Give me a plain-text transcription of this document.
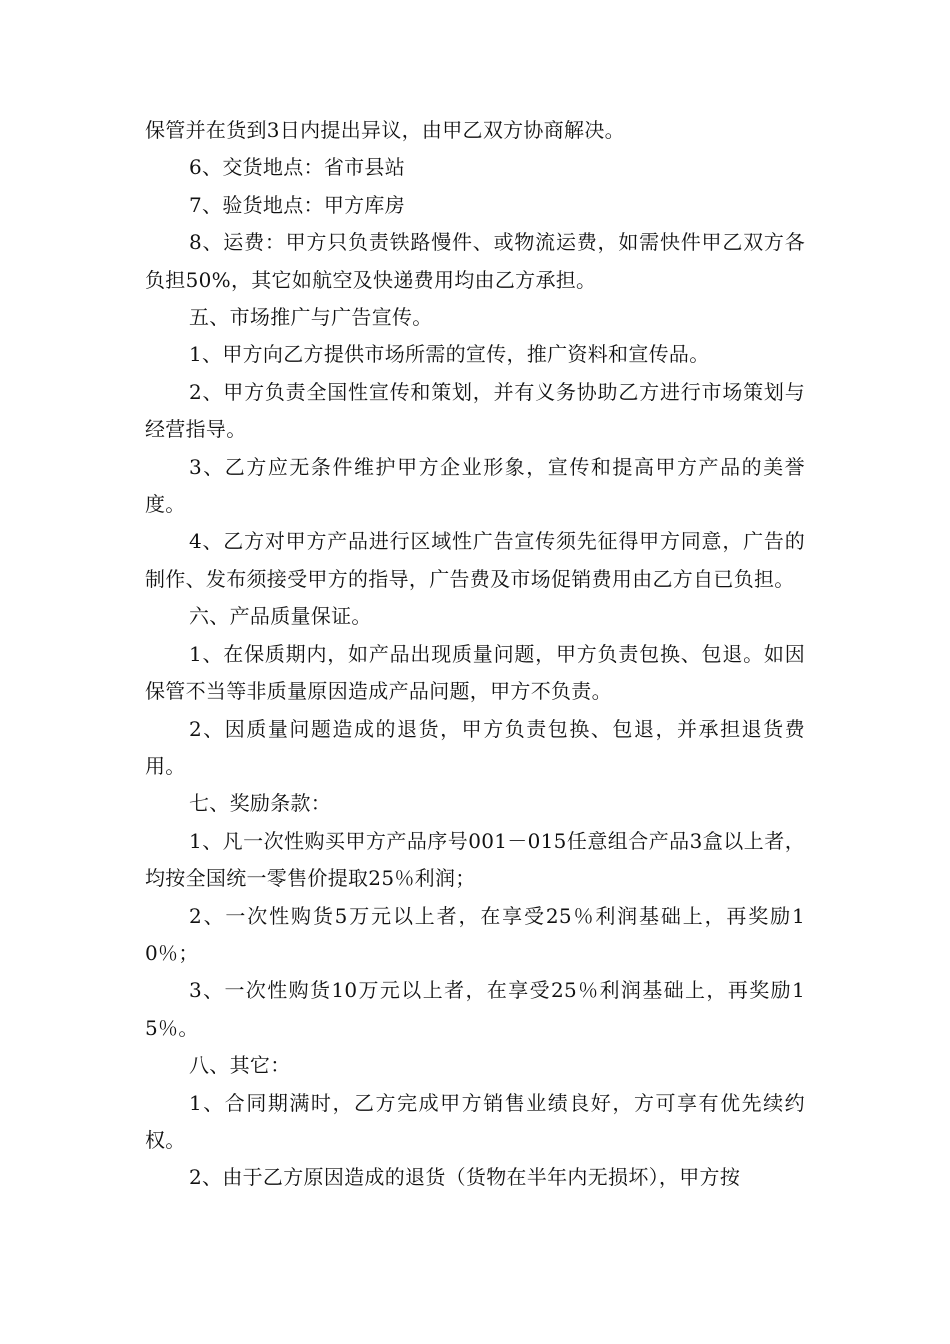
保管并在货到3日内提出异议，由甲乙双方协商解决。

6、交货地点：省市县站

7、验货地点：甲方库房

8、运费：甲方只负责铁路慢件、或物流运费，如需快件甲乙双方各负担50%，其它如航空及快递费用均由乙方承担。

五、市场推广与广告宣传。

1、甲方向乙方提供市场所需的宣传，推广资料和宣传品。

2、甲方负责全国性宣传和策划，并有义务协助乙方进行市场策划与经营指导。

3、乙方应无条件维护甲方企业形象，宣传和提高甲方产品的美誉度。

4、乙方对甲方产品进行区域性广告宣传须先征得甲方同意，广告的制作、发布须接受甲方的指导，广告费及市场促销费用由乙方自已负担。

六、产品质量保证。

1、在保质期内，如产品出现质量问题，甲方负责包换、包退。如因保管不当等非质量原因造成产品问题，甲方不负责。

2、因质量问题造成的退货，甲方负责包换、包退，并承担退货费用。

七、奖励条款：

1、凡一次性购买甲方产品序号001－015任意组合产品3盒以上者，均按全国统一零售价提取25％利润；

2、一次性购货5万元以上者，在享受25％利润基础上，再奖励10％；

3、一次性购货10万元以上者，在享受25％利润基础上，再奖励15％。

八、其它：

1、合同期满时，乙方完成甲方销售业绩良好，方可享有优先续约权。

2、由于乙方原因造成的退货（货物在半年内无损坏），甲方按
